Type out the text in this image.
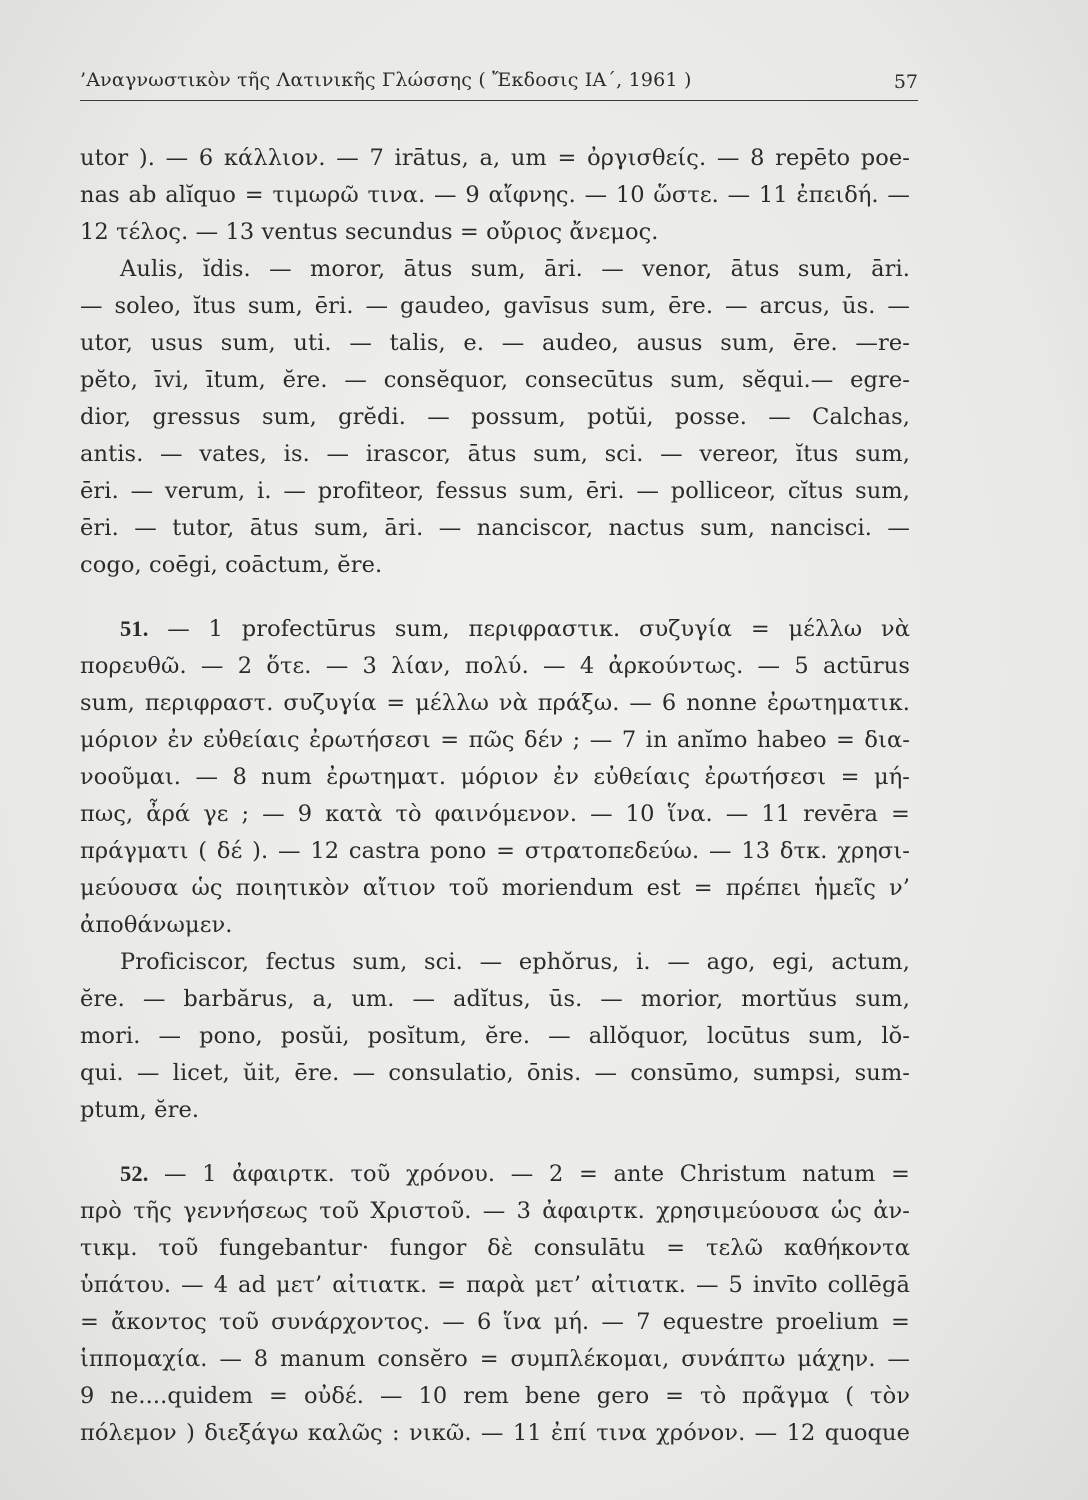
’Αναγνωστικὸν τῆς Λατινικῆς Γλώσσης ( Ἔκδοσις ΙΑ΄, 1961 )	57
utor ). — 6 κάλλιον. — 7 irātus, a, um = ὀργισθείς. — 8 repēto poe-
nas ab alĭquo = τιμωρῶ τινα. — 9 αἴφνης. — 10 ὥστε. — 11 ἐπειδή. —
12 τέλος. — 13 ventus secundus = οὔριος ἄνεμος.
Aulis, ĭdis. — moror, ātus sum, āri. — venor, ātus sum, āri.
— soleo, ĭtus sum, ēri. — gaudeo, gavīsus sum, ēre. — arcus, ūs. —
utor, usus sum, uti. — talis, e. — audeo, ausus sum, ēre. —re-
pĕto, īvi, ītum, ĕre. — consĕquor, consecūtus sum, sĕqui.— egre-
dior, gressus sum, grĕdi. — possum, potŭi, posse. — Calchas,
antis. — vates, is. — irascor, ātus sum, sci. — vereor, ĭtus sum,
ēri. — verum, i. — profiteor, fessus sum, ēri. — polliceor, cĭtus sum,
ēri. — tutor, ātus sum, āri. — nanciscor, nactus sum, nancisci. —
cogo, coēgi, coāctum, ĕre.
51. — 1 profectūrus sum, περιφραστικ. συζυγία = μέλλω νὰ
πορευθῶ. — 2 ὅτε. — 3 λίαν, πολύ. — 4 ἀρκούντως. — 5 actūrus
sum, περιφραστ. συζυγία = μέλλω νὰ πράξω. — 6 nonne ἐρωτηματικ.
μόριον ἐν εὐθείαις ἐρωτήσεσι = πῶς δέν ; — 7 in anĭmo habeo = δια-
νοοῦμαι. — 8 num ἐρωτηματ. μόριον ἐν εὐθείαις ἐρωτήσεσι = μή-
πως, ἆρά γε ; — 9 κατὰ τὸ φαινόμενον. — 10 ἵνα. — 11 revēra =
πράγματι ( δέ ). — 12 castra pono = στρατοπεδεύω. — 13 δτκ. χρησι-
μεύουσα ὡς ποιητικὸν αἴτιον τοῦ moriendum est = πρέπει ἡμεῖς ν’
ἀποθάνωμεν.
Proficiscor, fectus sum, sci. — ephŏrus, i. — ago, egi, actum,
ĕre. — barbărus, a, um. — adĭtus, ūs. — morior, mortŭus sum,
mori. — pono, posŭi, posĭtum, ĕre. — allŏquor, locūtus sum, lŏ-
qui. — licet, ŭit, ēre. — consulatio, ōnis. — consūmo, sumpsi, sum-
ptum, ĕre.
52. — 1 ἀφαιρτκ. τοῦ χρόνου. — 2 = ante Christum natum =
πρὸ τῆς γεννήσεως τοῦ Χριστοῦ. — 3 ἀφαιρτκ. χρησιμεύουσα ὡς ἀν-
τικμ. τοῦ fungebantur· fungor δὲ consulātu = τελῶ καθήκοντα
ὑπάτου. — 4 ad μετ’ αἰτιατκ. = παρὰ μετ’ αἰτιατκ. — 5 invīto collēgā
= ἄκοντος τοῦ συνάρχοντος. — 6 ἵνα μή. — 7 equestre proelium =
ἱππομαχία. — 8 manum consĕro = συμπλέκομαι, συνάπτω μάχην. —
9 ne....quidem = οὐδέ. — 10 rem bene gero = τὸ πρᾶγμα ( τὸν
πόλεμον ) διεξάγω καλῶς : νικῶ. — 11 ἐπί τινα χρόνον. — 12 quoque
